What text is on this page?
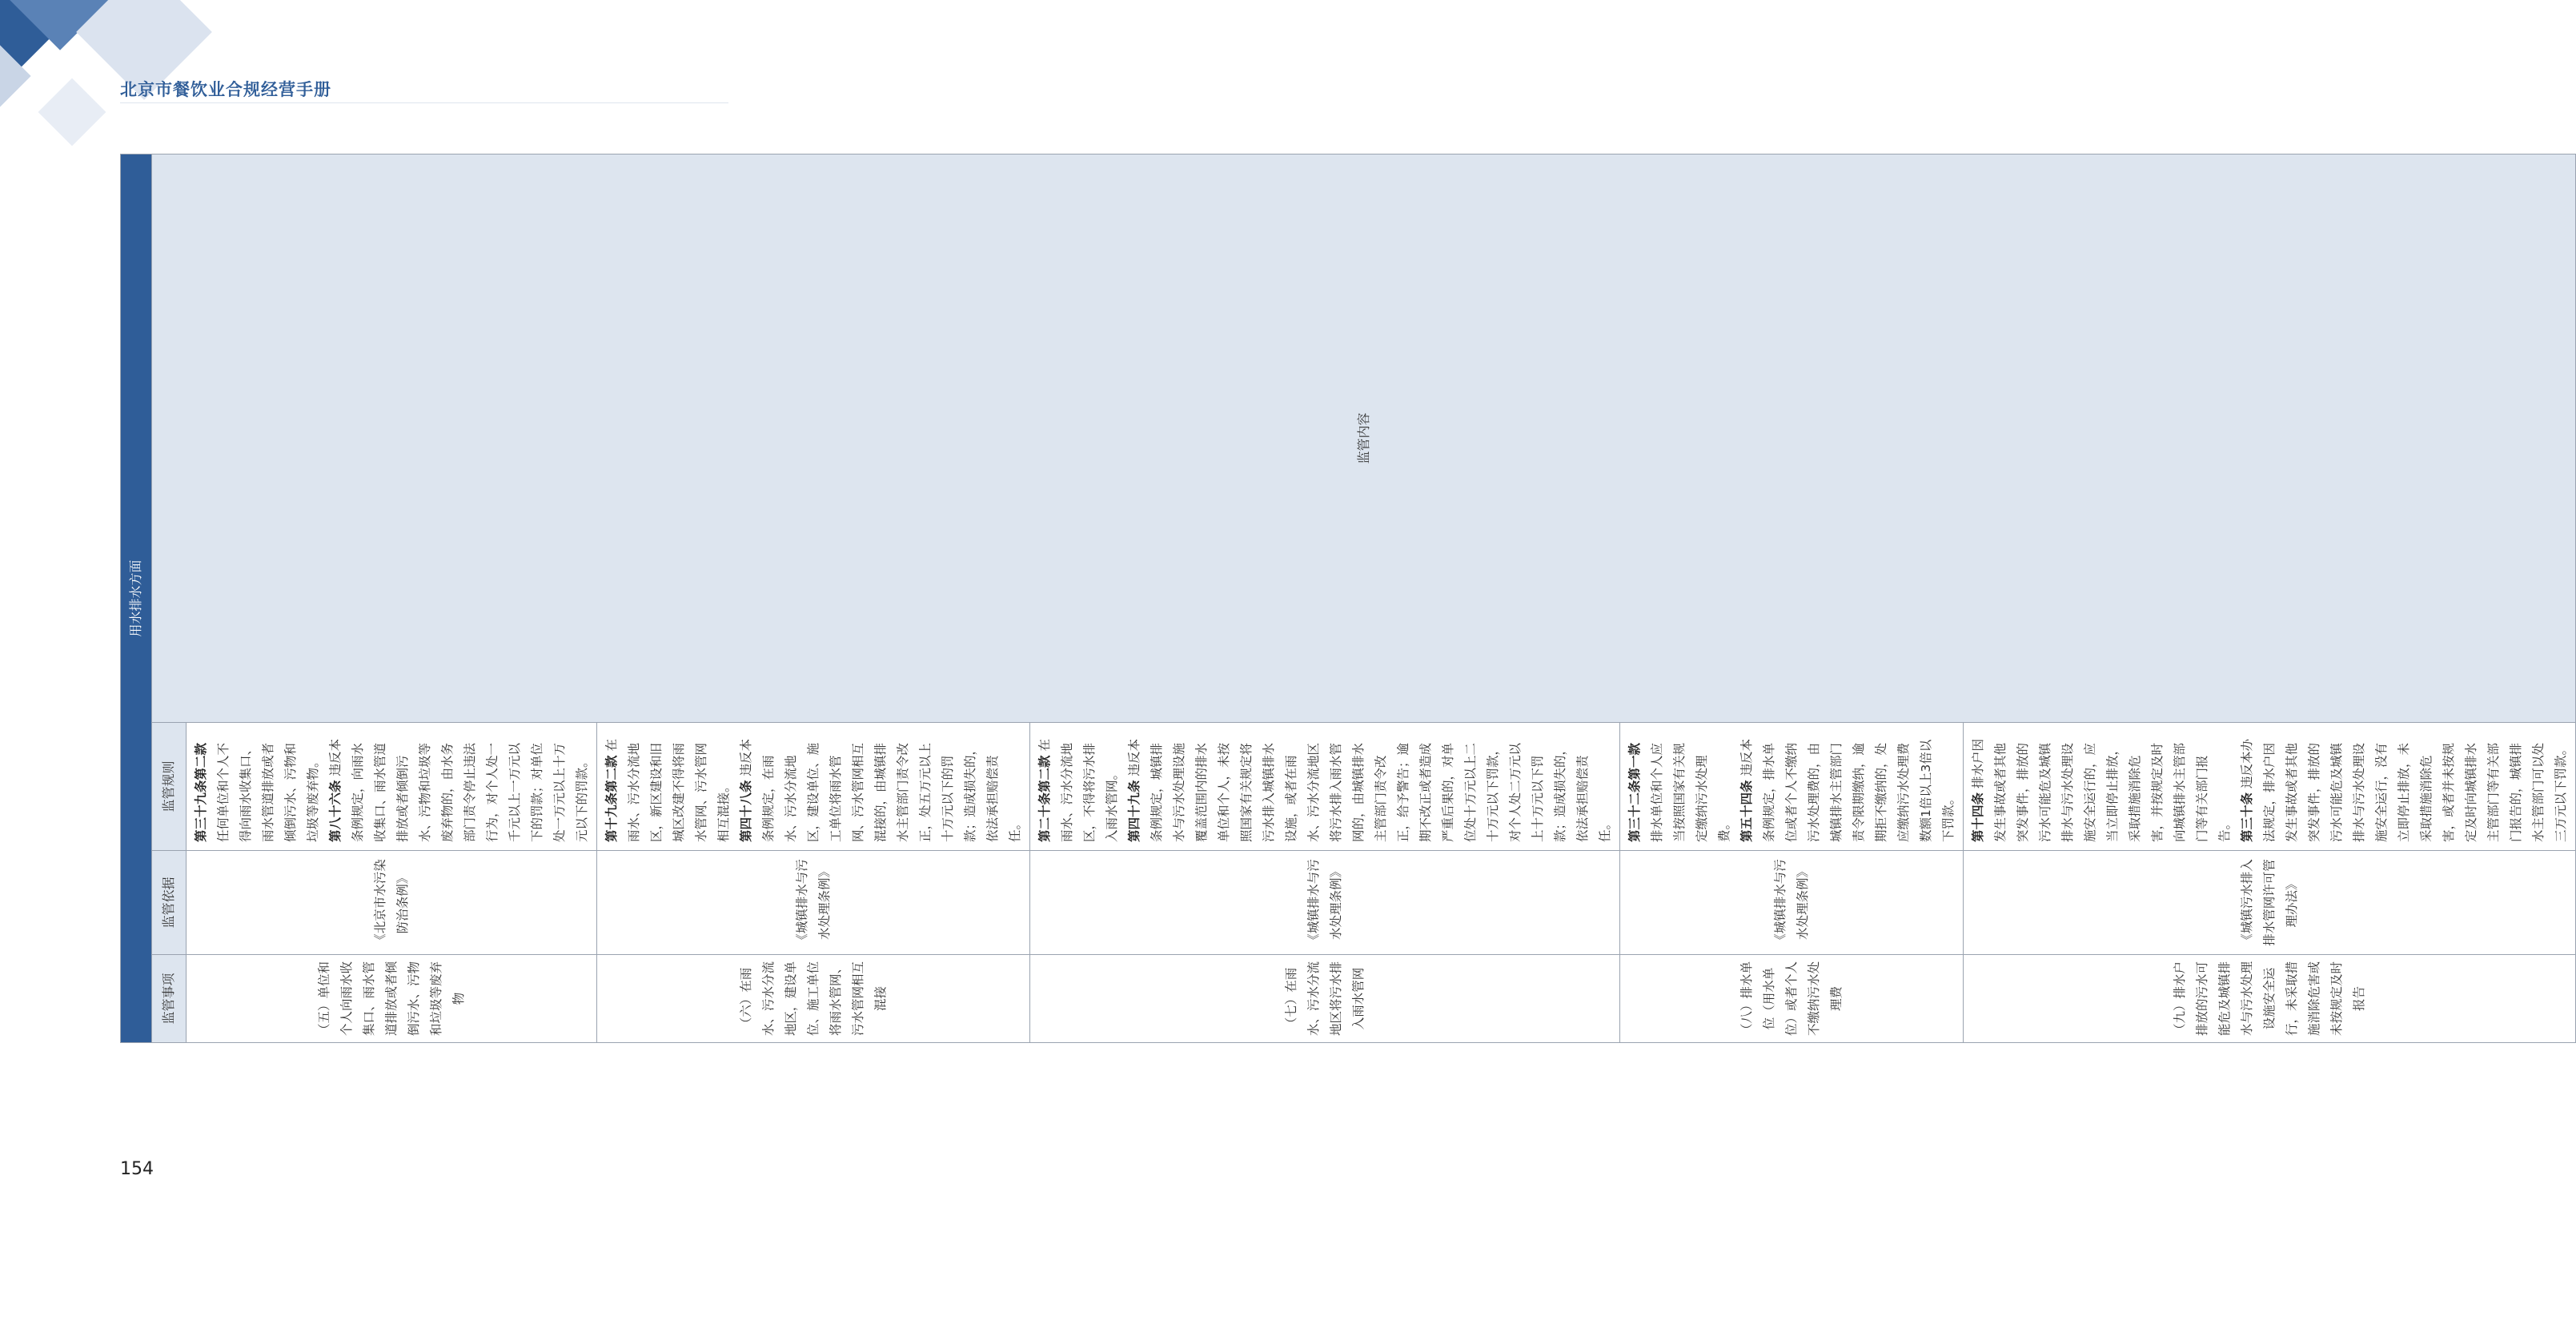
北京市餐饮业合规经营手册
用水排水方面			
监管事项	监管依据	监管规则	监管内容
（五）单位和个人向雨水收集口、雨水管道排放或者倾倒污水、污物和垃圾等废弃物	《北京市水污染防治条例》	第三十九条第二款 任何单位和个人不得向雨水收集口、雨水管道排放或者倾倒污水、污物和垃圾等废弃物。 第八十六条 违反本条例规定，向雨水收集口、雨水管道排放或者倾倒污水、污物和垃圾等废弃物的，由水务部门责令停止违法行为，对个人处一千元以上一万元以下的罚款；对单位处一万元以上十万元以下的罚款。	

（六）在雨水、污水分流地区，建设单位、施工单位将雨水管网、污水管网相互混接	《城镇排水与污水处理条例》	第十九条第二款 在雨水、污水分流地区，新区建设和旧城区改建不得将雨水管网、污水管网相互混接。 第四十八条 违反本条例规定，在雨水、污水分流地区，建设单位、施工单位将雨水管网、污水管网相互混接的，由城镇排水主管部门责令改正，处五万元以上十万元以下的罚款；造成损失的，依法承担赔偿责任。	

（七）在雨水、污水分流地区将污水排入雨水管网	《城镇排水与污水处理条例》	第二十条第二款 在雨水、污水分流地区，不得将污水排入雨水管网。 第四十九条 违反本条例规定，城镇排水与污水处理设施覆盖范围内的排水单位和个人，未按照国家有关规定将污水排入城镇排水设施，或者在雨水、污水分流地区将污水排入雨水管网的，由城镇排水主管部门责令改正，给予警告；逾期不改正或者造成严重后果的，对单位处十万元以上二十万元以下罚款，对个人处二万元以上十万元以下罚款；造成损失的，依法承担赔偿责任。	

（八）排水单位（用水单位）或者个人不缴纳污水处理费	《城镇排水与污水处理条例》	第三十二条第一款 排水单位和个人应当按照国家有关规定缴纳污水处理费。 第五十四条 违反本条例规定，排水单位或者个人不缴纳污水处理费的，由城镇排水主管部门责令限期缴纳，逾期拒不缴纳的，处应缴纳污水处理费数额1倍以上3倍以下罚款。	

（九）排水户排放的污水可能危及城镇排水与污水处理设施安全运行，未采取措施消除危害或未按规定及时报告	《城镇污水排入排水管网许可管理办法》	第十四条 排水户因发生事故或者其他突发事件，排放的污水可能危及城镇排水与污水处理设施安全运行的，应当立即停止排放，采取措施消除危害，并按规定及时向城镇排水主管部门等有关部门报告。 第三十条 违反本办法规定，排水户因发生事故或者其他突发事件，排放的污水可能危及城镇排水与污水处理设施安全运行，没有立即停止排放，未采取措施消除危害，或者并未按规定及时向城镇排水主管部门等有关部门报告的，城镇排水主管部门可以处三万元以下罚款。	

154
